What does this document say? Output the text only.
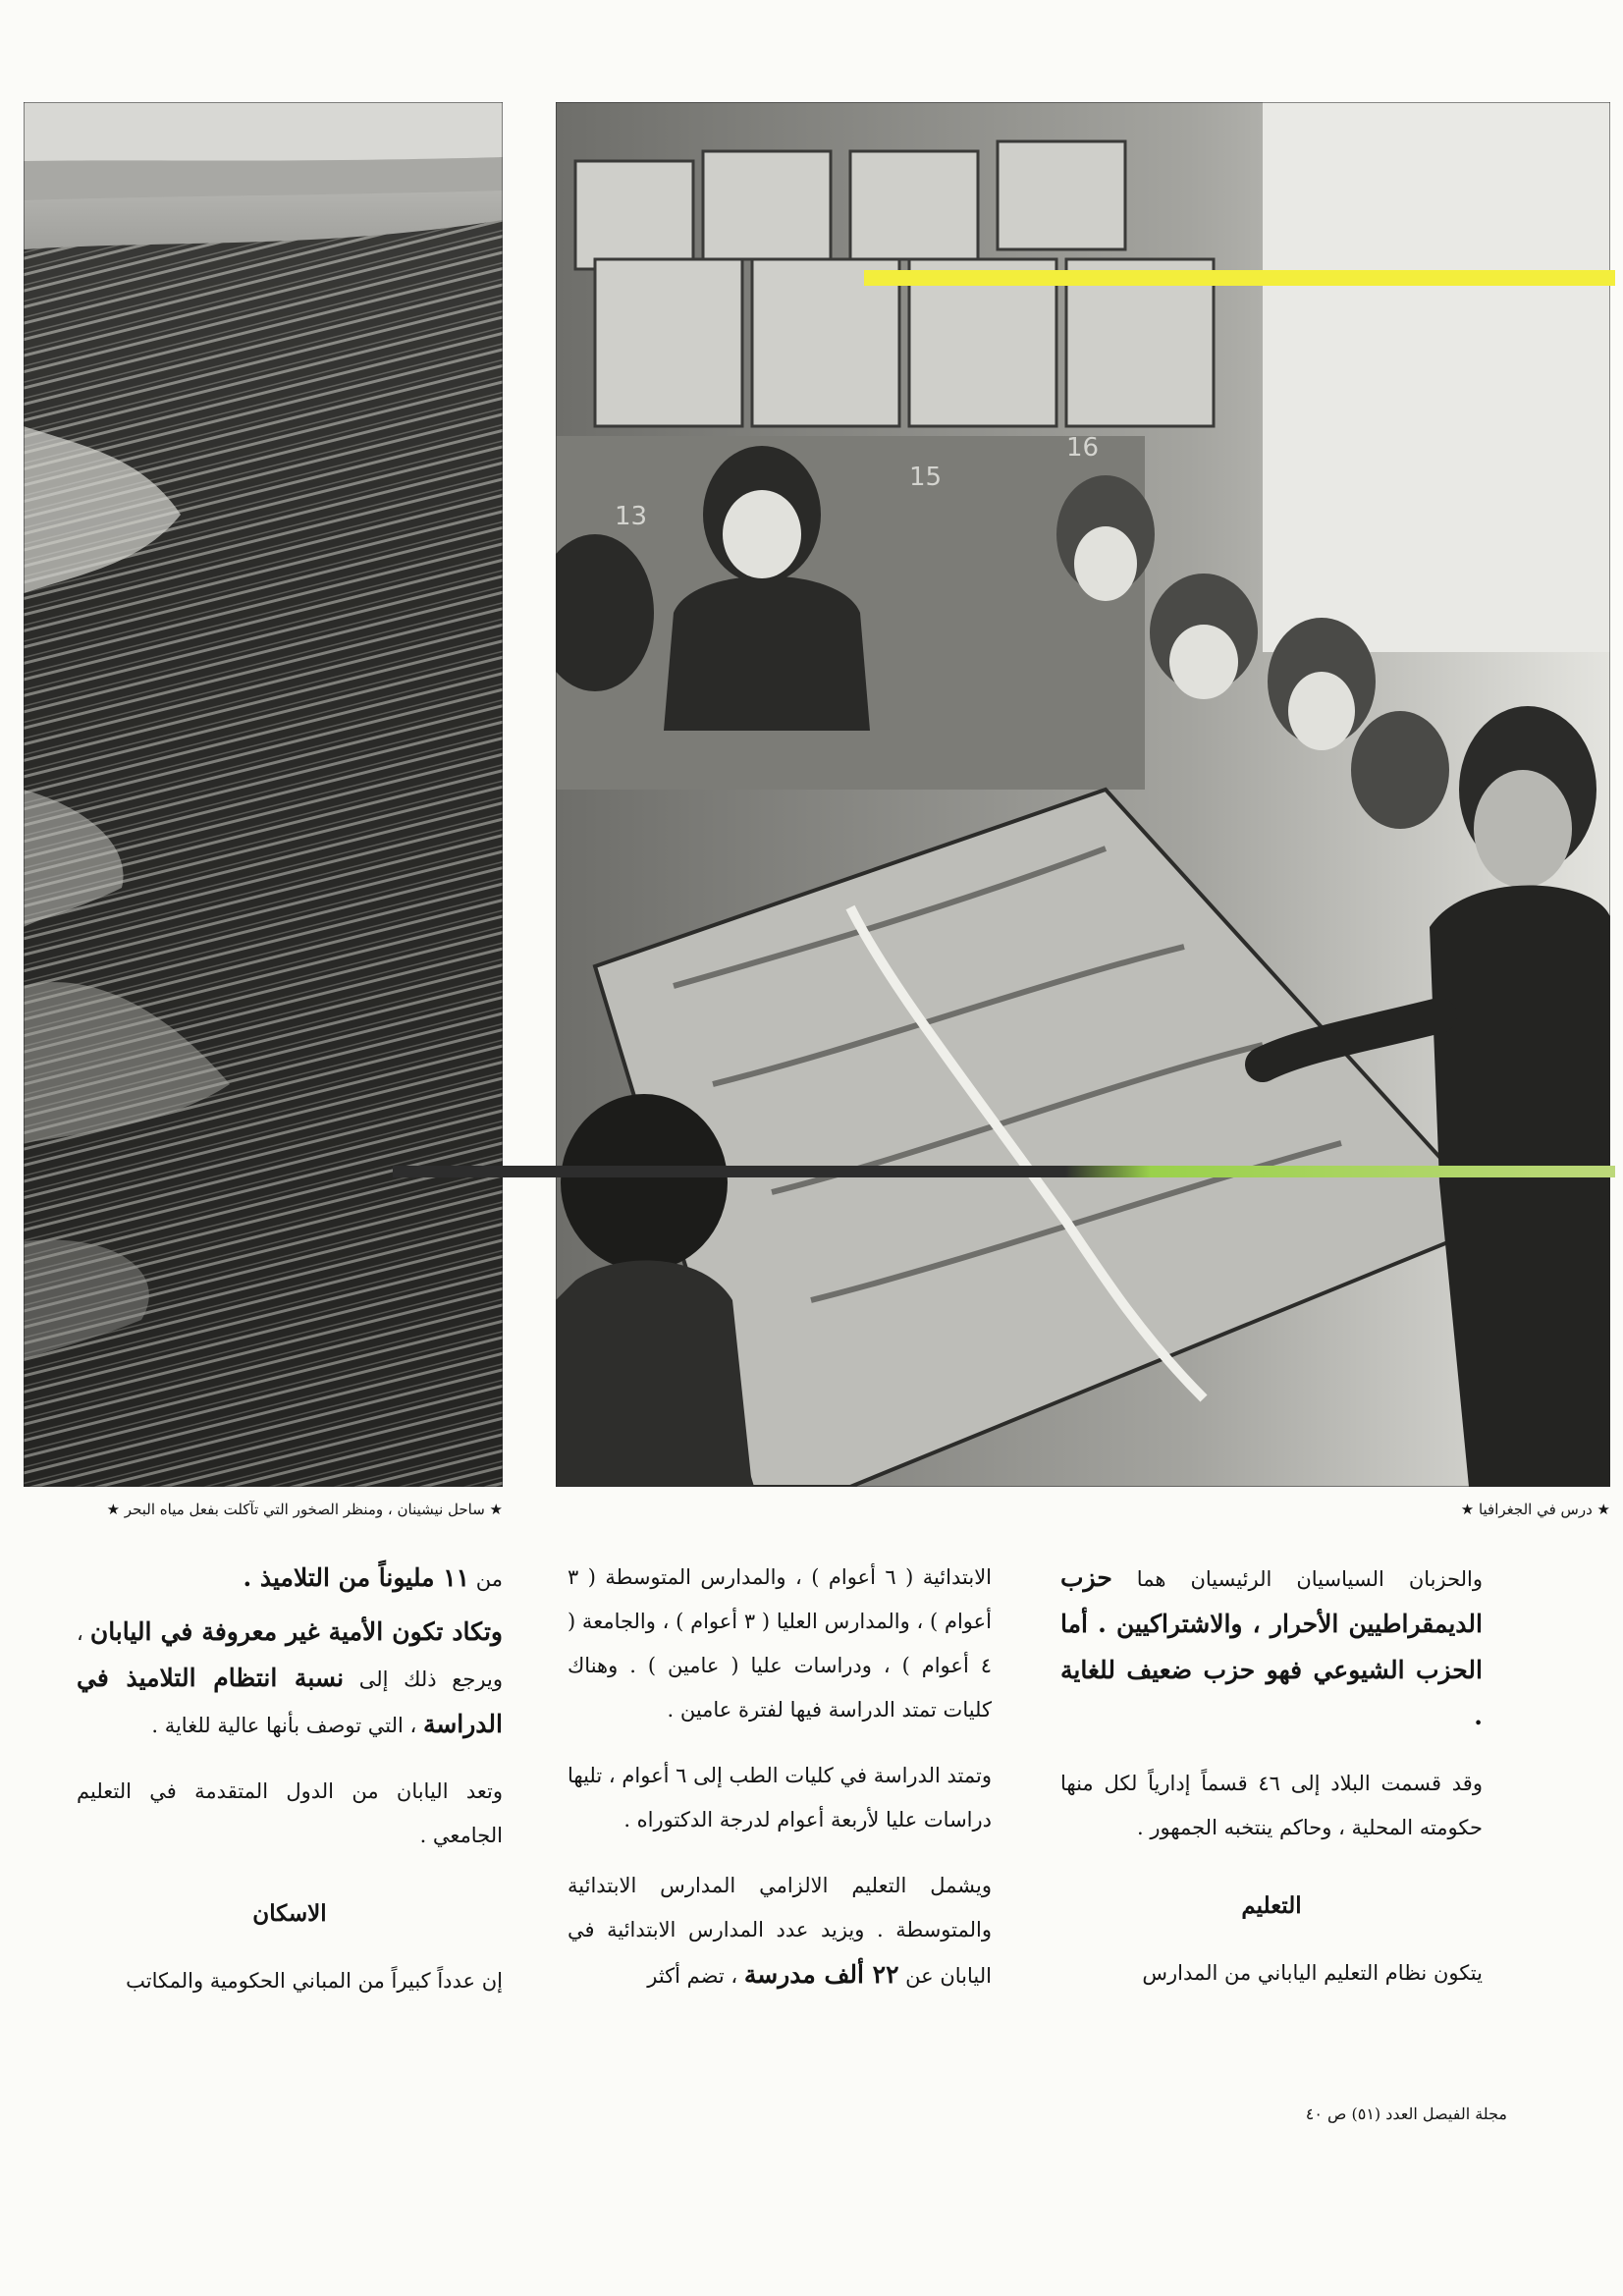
13
15
16
★ ساحل نيشينان ، ومنظر الصخور التي تآكلت بفعل مياه البحر ★	★ درس في الجغرافيا ★

والحزبان السياسيان الرئيسيان هما حزب الديمقراطيين الأحرار ، والاشتراكيين . أما الحزب الشيوعي فهو حزب ضعيف للغاية .

وقد قسمت البلاد إلى ٤٦ قسماً إدارياً لكل منها حكومته المحلية ، وحاكم ينتخبه الجمهور .

التعليم

يتكون نظام التعليم الياباني من المدارس

الابتدائية ( ٦ أعوام ) ، والمدارس المتوسطة ( ٣ أعوام ) ، والمدارس العليا ( ٣ أعوام ) ، والجامعة ( ٤ أعوام ) ، ودراسات عليا ( عامين ) . وهناك كليات تمتد الدراسة فيها لفترة عامين .

وتمتد الدراسة في كليات الطب إلى ٦ أعوام ، تليها دراسات عليا لأربعة أعوام لدرجة الدكتوراه .

ويشمل التعليم الالزامي المدارس الابتدائية والمتوسطة . ويزيد عدد المدارس الابتدائية في اليابان عن ٢٢ ألف مدرسة ، تضم أكثر

من ١١ مليوناً من التلاميذ .

وتكاد تكون الأمية غير معروفة في اليابان ، ويرجع ذلك إلى نسبة انتظام التلاميذ في الدراسة ، التي توصف بأنها عالية للغاية .

وتعد اليابان من الدول المتقدمة في التعليم الجامعي .

الاسكان

إن عدداً كبيراً من المباني الحكومية والمكاتب

مجلة الفيصل العدد (٥١) ص ٤٠
